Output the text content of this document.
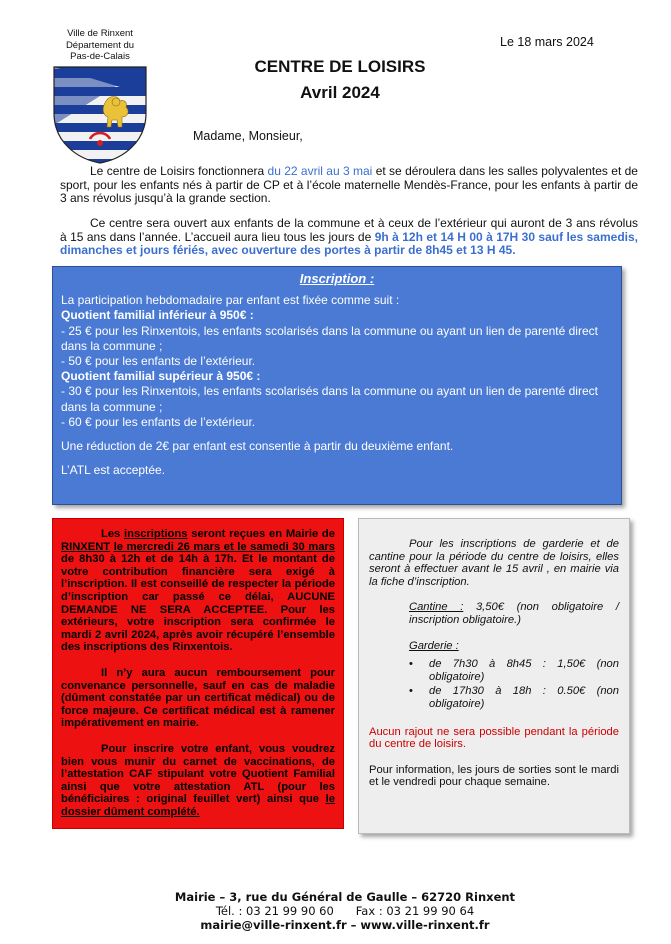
Ville de Rinxent
Département du
Pas-de-Calais
Le 18 mars 2024
CENTRE DE LOISIRS
Avril 2024
Madame, Monsieur,
Le centre de Loisirs fonctionnera du 22 avril au 3 mai et se déroulera dans les salles polyvalentes et de sport, pour les enfants nés à partir de CP et à l’école maternelle Mendès-France, pour les enfants à partir de 3 ans révolus jusqu’à la grande section.
Ce centre sera ouvert aux enfants de la commune et à ceux de l’extérieur qui auront de 3 ans révolus à 15 ans dans l’année. L’accueil aura lieu tous les jours de 9h à 12h et 14 H 00 à 17H 30 sauf les samedis, dimanches et jours fériés, avec ouverture des portes à partir de 8h45 et 13 H 45.
Inscription :
La participation hebdomadaire par enfant est fixée comme suit :
Quotient familial inférieur à 950€ :
- 25 € pour les Rinxentois, les enfants scolarisés dans la commune ou ayant un lien de parenté direct dans la commune ;
- 50 € pour les enfants de l’extérieur.
Quotient familial supérieur à 950€ :
- 30 € pour les Rinxentois, les enfants scolarisés dans la commune ou ayant un lien de parenté direct dans la commune ;
- 60 € pour les enfants de l’extérieur.
Une réduction de 2€ par enfant est consentie à partir du deuxième enfant.
L’ATL est acceptée.
Les inscriptions seront reçues en Mairie de RINXENT le mercredi 26 mars et le samedi 30 mars de 8h30 à 12h et de 14h à 17h. Et le montant de votre contribution financière sera exigé à l’inscription. Il est conseillé de respecter la période d’inscription car passé ce délai, AUCUNE DEMANDE NE SERA ACCEPTEE. Pour les extérieurs, votre inscription sera confirmée le mardi 2 avril 2024, après avoir récupéré l’ensemble des inscriptions des Rinxentois.
Il n’y aura aucun remboursement pour convenance personnelle, sauf en cas de maladie (dûment constatée par un certificat médical) ou de force majeure. Ce certificat médical est à ramener impérativement en mairie.
Pour inscrire votre enfant, vous voudrez bien vous munir du carnet de vaccinations, de l’attestation CAF stipulant votre Quotient Familial ainsi que votre attestation ATL (pour les bénéficiaires : original feuillet vert) ainsi que le dossier dûment complété.
Pour les inscriptions de garderie et de cantine pour la période du centre de loisirs, elles seront à effectuer avant le 15 avril , en mairie via la fiche d’inscription.
Cantine : 3,50€ (non obligatoire / inscription obligatoire.)
Garderie :
• de 7h30 à 8h45 : 1,50€ (non obligatoire)
• de 17h30 à 18h : 0.50€ (non obligatoire)
Aucun rajout ne sera possible pendant la période du centre de loisirs.
Pour information, les jours de sorties sont le mardi et le vendredi pour chaque semaine.
Mairie – 3, rue du Général de Gaulle – 62720 Rinxent
Tél. : 03 21 99 90 60      Fax : 03 21 99 90 64
mairie@ville-rinxent.fr – www.ville-rinxent.fr
